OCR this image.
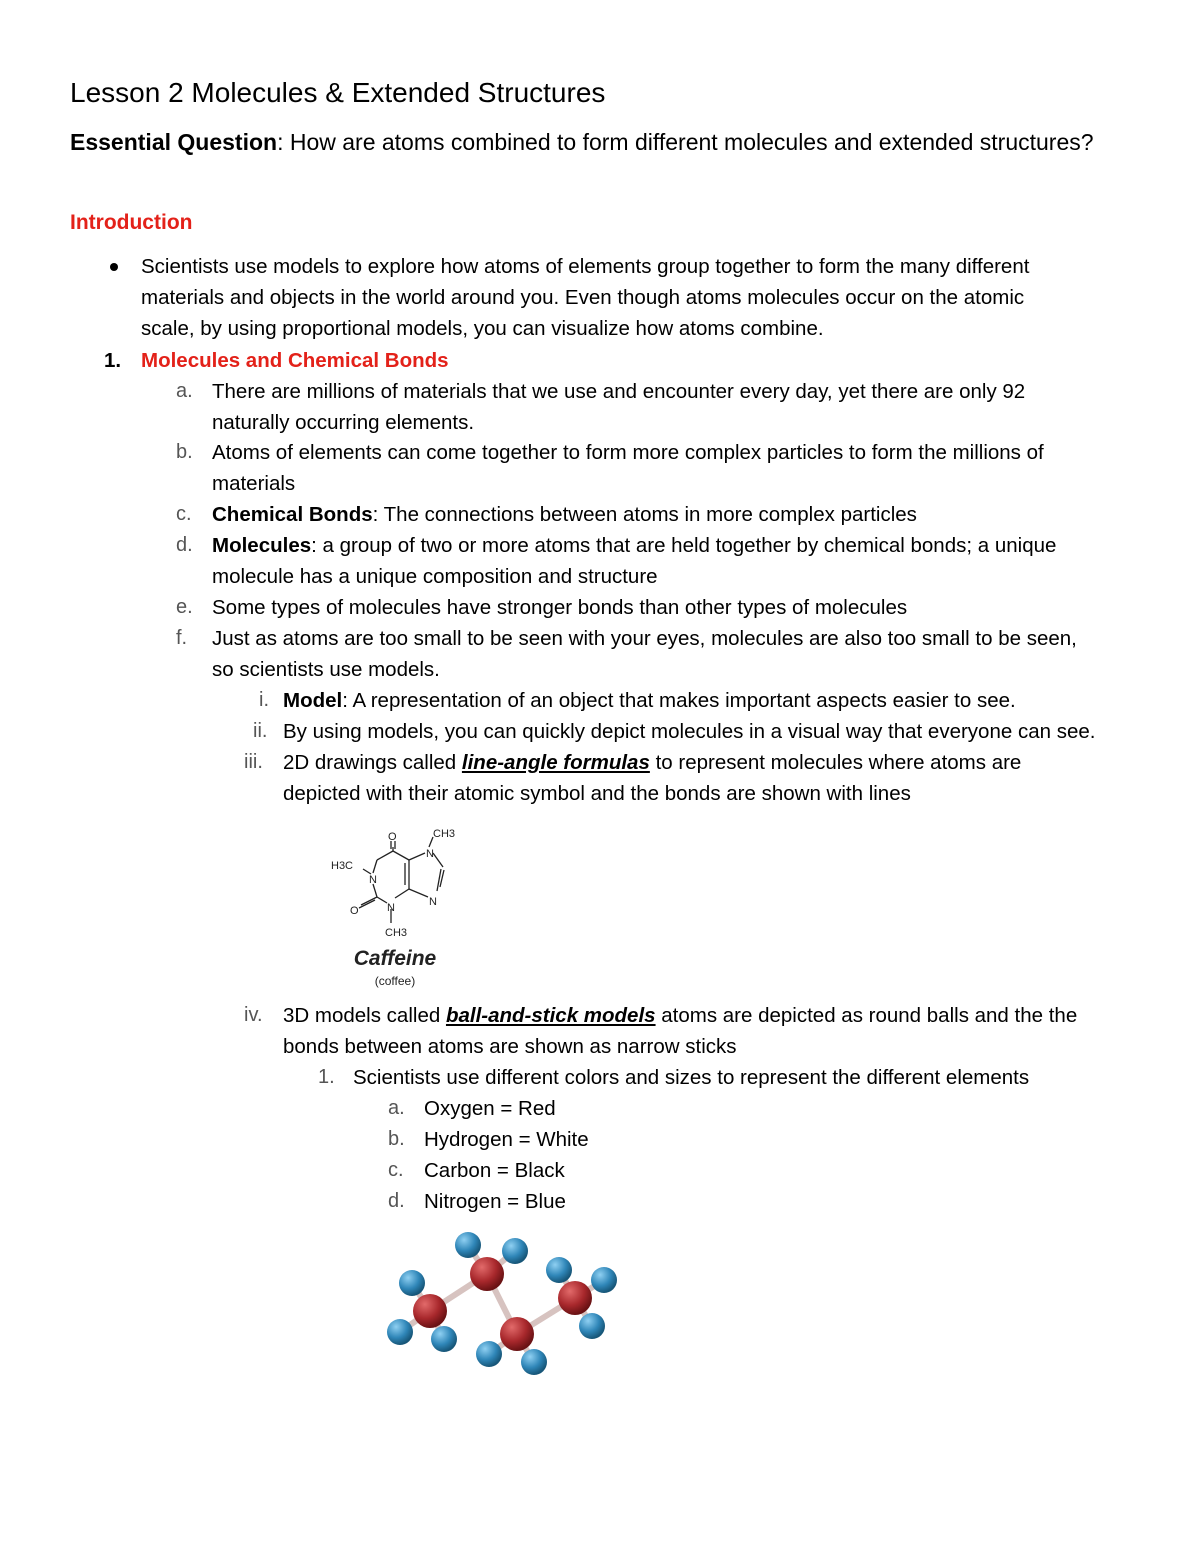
Lesson 2 Molecules & Extended Structures
Essential Question: How are atoms combined to form different molecules and extended structures?
Introduction
Scientists use models to explore how atoms of elements group together to form the many different
materials and objects in the world around you. Even though atoms molecules occur on the atomic
scale, by using proportional models, you can visualize how atoms combine.
1. Molecules and Chemical Bonds
a. There are millions of materials that we use and encounter every day, yet there are only 92
naturally occurring elements.
b. Atoms of elements can come together to form more complex particles to form the millions of
materials
c. Chemical Bonds: The connections between atoms in more complex particles
d. Molecules: a group of two or more atoms that are held together by chemical bonds; a unique
molecule has a unique composition and structure
e. Some types of molecules have stronger bonds than other types of molecules
f. Just as atoms are too small to be seen with your eyes, molecules are also too small to be seen,
so scientists use models.
i. Model: A representation of an object that makes important aspects easier to see.
ii. By using models, you can quickly depict molecules in a visual way that everyone can see.
iii. 2D drawings called line-angle formulas to represent molecules where atoms are
depicted with their atomic symbol and the bonds are shown with lines
O
O
N
N
N
N
H3C
CH3
CH3
Caffeine
(coffee)
iv. 3D models called ball-and-stick models atoms are depicted as round balls and the the
bonds between atoms are shown as narrow sticks
1. Scientists use different colors and sizes to represent the different elements
a. Oxygen = Red
b. Hydrogen = White
c. Carbon = Black
d. Nitrogen = Blue
